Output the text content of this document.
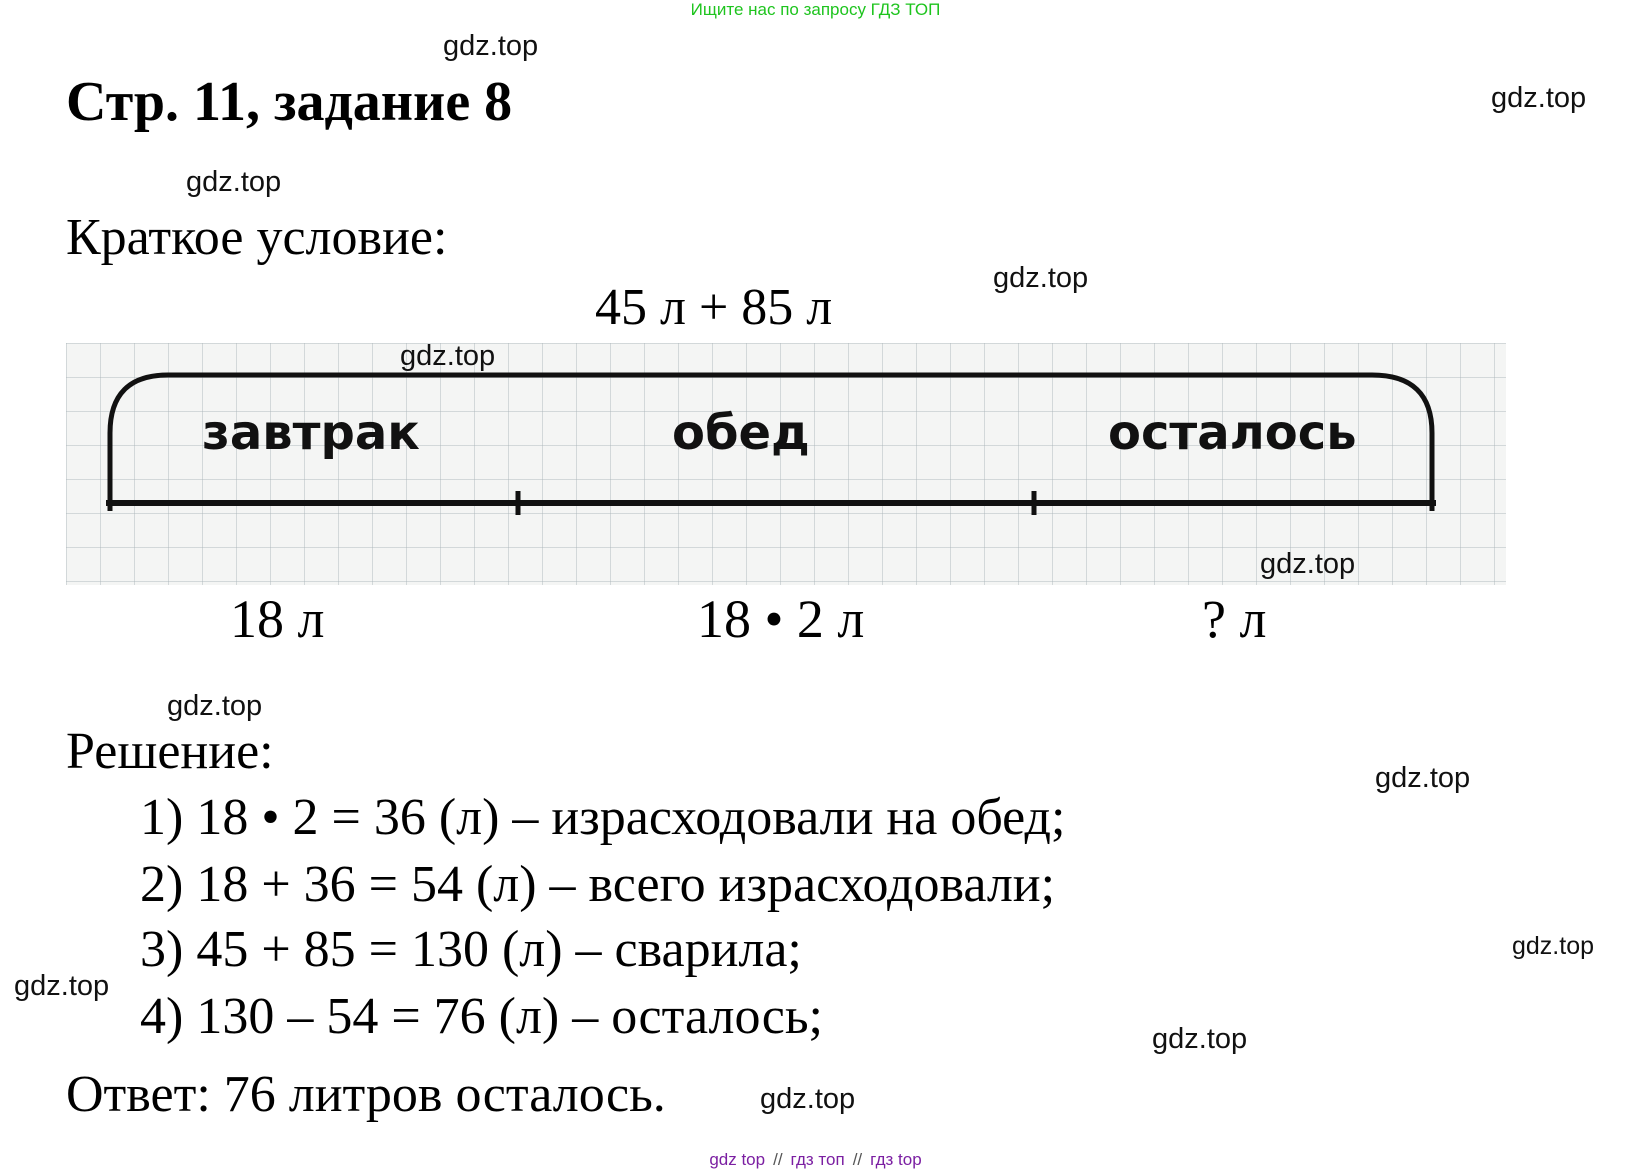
Ищите нас по запросу ГДЗ ТОП
Стр. 11, задание 8
Краткое условие:
45 л + 85 л
завтрак	обед	осталось
18 л	18 • 2 л	? л
Решение:
1) 18 • 2 = 36 (л) – израсходовали на обед;
2) 18 + 36 = 54 (л) – всего израсходовали;
3) 45 + 85 = 130 (л) – сварила;
4) 130 – 54 = 76 (л) – осталось;
Ответ: 76 литров осталось.
gdz.top
gdz.top
gdz.top
gdz.top
gdz.top
gdz.top
gdz.top
gdz.top
gdz.top
gdz.top
gdz.top
gdz.top
gdz top // гдз топ // гдз top
